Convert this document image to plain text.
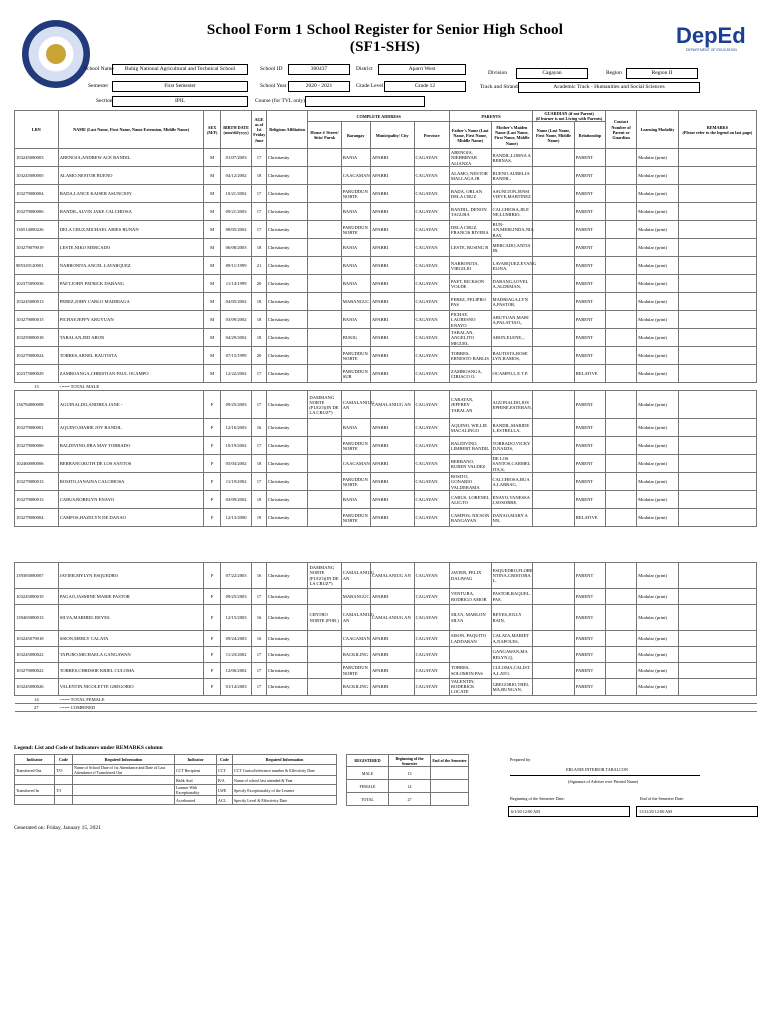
School Form 1 School Register for Senior High School (SF1-SHS)	DepEd
DEPARTMENT OF EDUCATION
School Name	Buhig National Agricultural and Technical School	School ID	300437	District	Aparri West
Division	Cagayan	Region	Region II
Semester	First Semester	School Year	2020 - 2021	Grade Level	Grade 12	Track and Strand	Academic Track - Humanities and Social Sciences
Section	IPIL	Course (for TVL only)
LRN	NAME (Last Name, First Name, Name Extension, Middle Name)	SEX (M/F)	BIRTH DATE (mm/dd/yyyy)	AGE as of 1st Friday June	Religious Affiliation	COMPLETE ADDRESS				PARENTS		GUARDIAN (if not Parent)
(if learner is not Living with Parents)		Contact Number of Parent or Guardian	Learning Modality	REMARKS
(Please refer to the legend on last page)
						House # /Street/ Sitio/ Purok	Barangay	Municipality/ City	Province	Father's Name (Last Name, First Name, Middle Name)	Mother's Maiden Name (Last Name, First Name, Middle Name)	Name (Last Name, First Name, Middle Name)	Relationship			
103245080003	ABENOJA,ANDREW ACE BANDIL	M	01/07/2003	17	Christianity		BANIA	APARRI	CAGAYAN	ABENOJA, NIEHBRYAR ALIANZA	BANDIL,LORNA A BERNAS,		PARENT		Modular (print)	
103245080005	ALAMO,NESTOR BUENO	M	04/12/2002	18	Christianity		CAAGAMAN	APARRI	CAGAYAN	ALAMO, NESTOR MALLAGA JR	BUENO,AURELIA BANDIL,		PARENT		Modular (print)	
103279080004	BADA,LANCE KAISER ASUNCION	M	10/21/2002	17	Christianity		PARUDDUN NORTE	APARRI	CAGAYAN	BADA, ORLAN DELA CRUZ	ASUNCION,JENSI VIEVE,MARTINEZ		PARENT		Modular (print)	
103279080006	BANDIL,ALVIN JAKE CALCHIOSA	M	09/21/2003	17	Christianity		BANIA	APARRI	CAGAYAN	BANDIL, DENON TAGUBA	CALCHIOSA,JILE NE,LUMIBIO,		PARENT		Modular (print)	
136514080226	DELA CRUZ,MICHAEL ARIES BUNAN	M	08/05/2002	17	Christianity		PARUDDUN NORTE	APARRI	CAGAYAN	DELA CRUZ, FRANCIS RIVERA	BUN-AN,MERLINDA,NIA BAY,		PARENT		Modular (print)	
103279079019	LESTE,NIKO MERCADO	M	06/08/2003	18	Christianity		BANIA	APARRI	CAGAYAN	LESTE, RUSING R	MERCADO,ANITA JR,		PARENT		Modular (print)	
985329120001	NARBONITA,ANCEL LAVARQUEZ	M	09/11/1999	21	Christianity		BANIA	APARRI	CAGAYAN	NARBONITA, VIRGILIO	LAVARQUEZ,EVANG ELINA,		PARENT		Modular (print)	
102375090036	PAET,JOHN PATRICK DABANG	M	11/14/1999	20	Christianity		BANIA	APARRI	CAGAYAN	PAET, RICKSON VOLDE	DABANG,LOVEL A,ALDEMAN,		PARENT		Modular (print)	
103245080013	PEREZ,JOHN CARLO MADRIAGA	M	04/05/2002	18	Christianity		MABANGUC	APARRI	CAGAYAN	PEREZ, FELIPRO PAS	MADRIAGA,LYN A,PASTOR,		PARENT		Modular (print)	
103279080015	PICHAY,JEFFY ARUYUAN	M	03/09/2002	18	Christianity		BANIA	APARRI	CAGAYAN	PICHAY, LAURESNO ENAYO	ARUYUAN,MARI A,PALATTAO,,		PARENT		Modular (print)	
103259080018	TABALAN,JED ABON	M	04/29/2002	18	Christianity		BUKIG	APARRI	CAGAYAN	TABALAN, ANGELITO MIGUEL	ABON,ELENE,,,		PARENT		Modular (print)	
103279080024	TORRES,ARNEL BAUTISTA	M	07/15/1999	20	Christianity		PARUDDUN NORTE	APARRI	CAGAYAN	TORRES, ERNESTO BARLIS	BAUTISTA,ROSE LYN,RAMOS,		PARENT		Modular (print)	
102375080029	ZAMBOANGA,CHRISTIAN PAUL OCAMPO	M	12/22/2002	17	Christianity		PARUDDUN SUR	APARRI	CAGAYAN	ZAMBOANGA, CIRIACO O.	OCAMPO,L.E.T.P.		RELATIVE		Modular (print)	
13	<=== TOTAL MALE															
136784080008	AGUINALDO,ANDREA JANE -	F	09/25/2003	17	Christianity	DAMMANG NORTE (FUGO)(IN DE LA CRUZ*)	CAMALANIUG AN	CAMALANIUG AN	CAGAYAN	CARATAN, JEFFREY TABALAN	AGUINALDO,JOS EPHINE,ESTEBAN,		PARENT		Modular (print)	
103279080001	AQUINO,MARIE JOY BANDIL	F	12/16/2003	16	Christianity		BANIA	APARRI	CAGAYAN	AQUINO, WILLIE MACALINGO	BANDIL,MARIDE L,ESTRELLA,		PARENT		Modular (print)	
103279080006	BALDIVINO,JIRA MAY TORRADO	F	10/19/2002	17	Christianity		PARUDDUN NORTE	APARRI	CAGAYAN	BALDIVINO, LIMBERT BANDIL	TORRADO,VICKY D,NAIZIS,		PARENT		Modular (print)	
102460080006	BERBANO,RUTH DE LOS SANTOS	F	05/04/2002	18	Christianity		CAAGAMAN	APARRI	CAGAYAN	BERBANO, RUBEN VALDEZ	DE LOS SANTOS,CARMEL ITA,S,		PARENT		Modular (print)	
103279080013	BOSITO,JANAINA CALCHIOSA	F	11/19/2002	17	Christianity		PARUDDUN NORTE	APARRI	CAGAYAN	BOSITO, GONARIO VALDERAMA	CALCHIOSA,RUA A,LARRAG,		PARENT		Modular (print)	
103279080013	CABUS,ROBELYN ENAYO	F	03/09/2002	18	Christianity		BANIA	APARRI	CAGAYAN	CABUS, LORENEL ALIGTO	ENAYO,VANESSA J,SOSORRE,		PARENT		Modular (print)	
103279080004	CAMPOS,HAZELYN DE DANAO	F	12/13/2000	19	Christianity		PARUDDUN NORTE	APARRI	CAGAYAN	CAMPOS, NICSON BANGAYAN	DANAO,MARY A NN,		RELATIVE		Modular (print)	
139383080007	JAVIER,MYLYN ESQUEDRO	F	07/22/2003	16	Christianity	DAMMANG NORTE (FUGO)(IN DE LA CRUZ*)	CAMALANIUG AN	CAMALANIUG AN	CAGAYAN	JAVIER, FELIX DALIWAG	ESQUEDRO,FLORE NTINA,CRISTOBA L,		PARENT		Modular (print)	
103245080019	PAGAO,JASMINE MARIE PASTOR	F	09/25/2003	17	Christianity		MABANGUC	APARRI	CAGAYAN	VENTURA, RODRIGO AMOR	PASTOR,RAQUEL, PAS,		PARENT		Modular (print)	
139465080013	SILVA,MARIBEL REYES	F	12/15/2003	16	Christianity	CENTRO NORTE (POB.)	CAMALANIUG AN	CAMALANIUG AN	CAGAYAN	SILVA, MARLON SILVA	REYES,JOLLY RAIN,		PARENT		Modular (print)	
103245079018	SISON,MERLY CALATA	F	09/24/2003	16	Christianity		CAAGAMAN	APARRI	CAGAYAN	SISON, PAQUITO LADDARAN	CALATA,MARIET A,NAPOLES,		PARENT		Modular (print)	
103245080022	TAPURO,MICHAELA GANGAWAN	F	11/23/2002	17	Christianity		BACKILING	APARRI	CAGAYAN		GANGAWAN,MA RELYN,Q,		PARENT		Modular (print)	
103279080022	TORRES,CHRISSIE KRIEL CULOMA	F	12/06/2002	17	Christianity		PARUDDUN NORTE	APARRI	CAGAYAN	TORRES, SOLOMON PAS	CULOMA,CALIST A,LATO,		PARENT		Modular (print)	
103245080026	VALENTIN,NICOLETTE GREGORIO	F	01/14/2003	17	Christianity		BACKILING	APARRI	CAGAYAN	VALENTIN, RODERICK LOCATE	GREGORIO,THEL MA,BUNGAN,		PARENT		Modular (print)	
14	<=== TOTAL FEMALE															
27	<=== COMBINED															
Legend: List and Code of Indicators under REMARKS column
Indicator	Code	Required Information	Indicator	Code	Required Information
Transferred Out	T/O	Name of School Date of 1st Attendance and Date of Last Attendance if Transferred Out	CCT Recipient	CCT	CCT Control/reference number & Effectivity Date
			Balik Aral	B/A	Name of school last attended & Year
Transferred In	T/I		Learner With Exceptionality	LWE	Specify Exceptionality of the Learner
			Accelerated	ACL	Specify Level & Effectivity Date
REGISTERED	Beginning of the Semester	End of the Semester
MALE	13	
FEMALE	14	
TOTAL	27	
Prepared by:
ERLANIE INTERIOR TABALCON
(Signature of Adviser over Printed Name)
Beginning of the Semester Date:	End of the Semester Date:
6/1/20 12:00 AM	11/31/20 12:00 AM
Generated on: Friday, January 15, 2021
